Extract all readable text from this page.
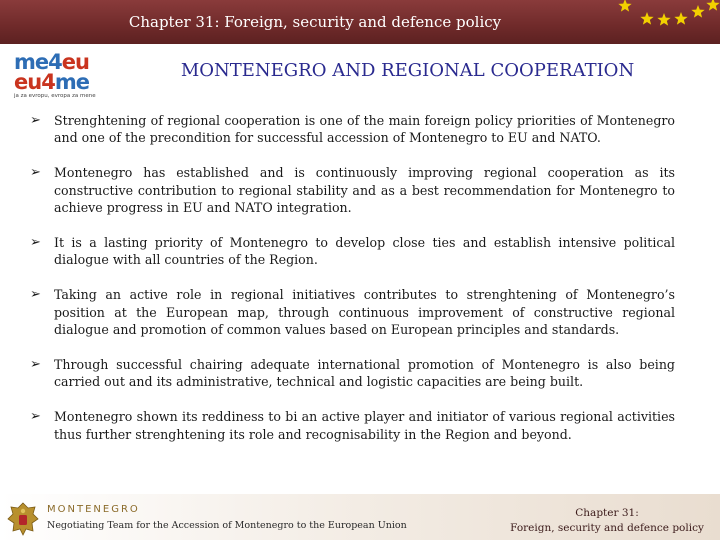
Chapter 31: Foreign, security and defence policy
me4eu
eu4me
ja za evropu, evropa za mene
MONTENEGRO AND REGIONAL COOPERATION
➢ Strenghtening of regional cooperation is one of the main foreign policy priorities of Montenegro and one of the precondition for successful accession of Montenegro to EU and NATO.
➢ Montenegro has established and is continuously improving regional cooperation as its constructive contribution to regional stability and as a best recommendation for Montenegro to achieve progress in EU and NATO integration.
➢ It is a lasting priority of Montenegro to develop close ties and establish intensive political dialogue with all countries of the Region.
➢ Taking an active role in regional initiatives contributes to strenghtening of Montenegro’s position at the European map, through continuous improvement of constructive regional dialogue and promotion of common values based on European principles and standards.
➢ Through successful chairing adequate international promotion of Montenegro is also being carried out and its administrative, technical and logistic capacities are being built.
➢ Montenegro shown its reddiness to bi an active player and initiator of various regional activities thus further strenghtening its role and recognisability in the Region and beyond.
MONTENEGRO
Negotiating Team for the Accession of Montenegro to the European Union
Chapter 31:
Foreign, security and defence policy
